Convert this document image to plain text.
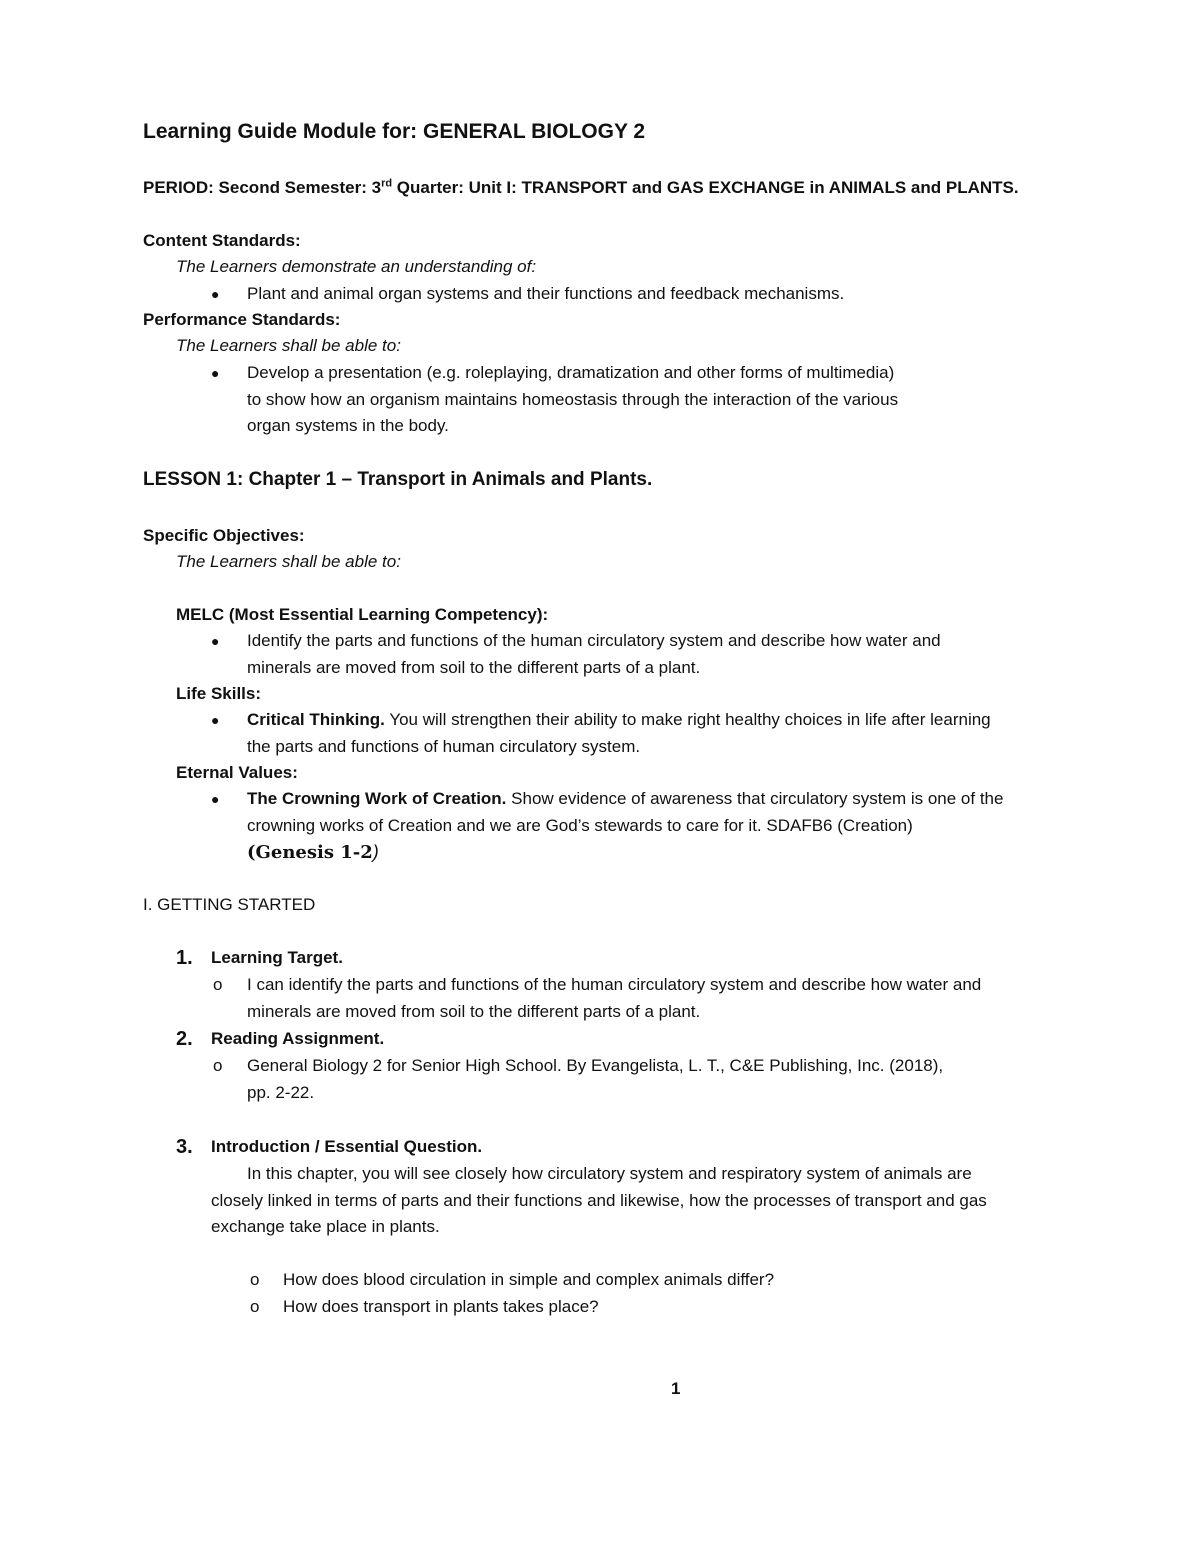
Learning Guide Module for: GENERAL BIOLOGY 2
PERIOD: Second Semester: 3rd Quarter: Unit I: TRANSPORT and GAS EXCHANGE in ANIMALS and PLANTS.
Content Standards:
The Learners demonstrate an understanding of:
● Plant and animal organ systems and their functions and feedback mechanisms.
Performance Standards:
The Learners shall be able to:
● Develop a presentation (e.g. roleplaying, dramatization and other forms of multimedia)
to show how an organism maintains homeostasis through the interaction of the various
organ systems in the body.
LESSON 1: Chapter 1 – Transport in Animals and Plants.
Specific Objectives:
The Learners shall be able to:
MELC (Most Essential Learning Competency):
● Identify the parts and functions of the human circulatory system and describe how water and
minerals are moved from soil to the different parts of a plant.
Life Skills:
● Critical Thinking. You will strengthen their ability to make right healthy choices in life after learning
the parts and functions of human circulatory system.
Eternal Values:
● The Crowning Work of Creation. Show evidence of awareness that circulatory system is one of the
crowning works of Creation and we are God’s stewards to care for it. SDAFB6 (Creation)
(Genesis 1-2)
I. GETTING STARTED
1. Learning Target.
o I can identify the parts and functions of the human circulatory system and describe how water and
minerals are moved from soil to the different parts of a plant.
2. Reading Assignment.
o General Biology 2 for Senior High School. By Evangelista, L. T., C&E Publishing, Inc. (2018),
pp. 2-22.
3. Introduction / Essential Question.
In this chapter, you will see closely how circulatory system and respiratory system of animals are
closely linked in terms of parts and their functions and likewise, how the processes of transport and gas
exchange take place in plants.
o How does blood circulation in simple and complex animals differ?
o How does transport in plants takes place?
1
